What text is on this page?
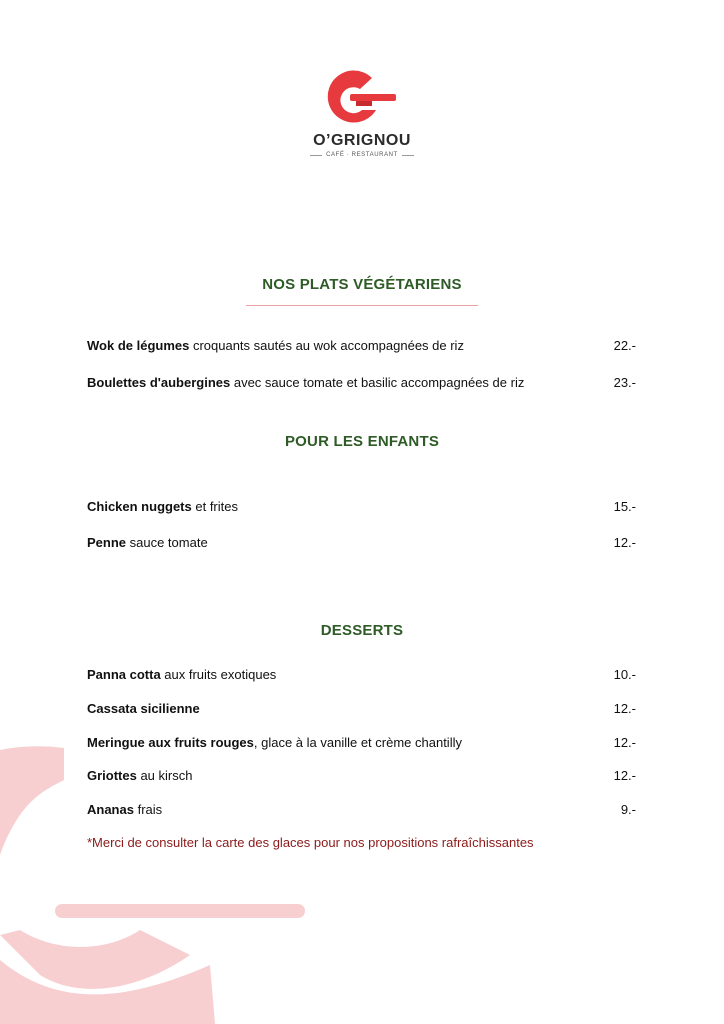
O’GRIGNOU
CAFÉ · RESTAURANT
NOS PLATS VÉGÉTARIENS
Wok de légumes croquants sautés au wok accompagnées de riz	22.-
Boulettes d'aubergines avec sauce tomate et basilic accompagnées de riz	23.-
POUR LES ENFANTS
Chicken nuggets et frites	15.-
Penne sauce tomate	12.-
DESSERTS
Panna cotta aux fruits exotiques	10.-
Cassata sicilienne	12.-
Meringue aux fruits rouges, glace à la vanille et crème chantilly	12.-
Griottes au kirsch	12.-
Ananas frais	9.-
*Merci de consulter la carte des glaces pour nos propositions rafraîchissantes
